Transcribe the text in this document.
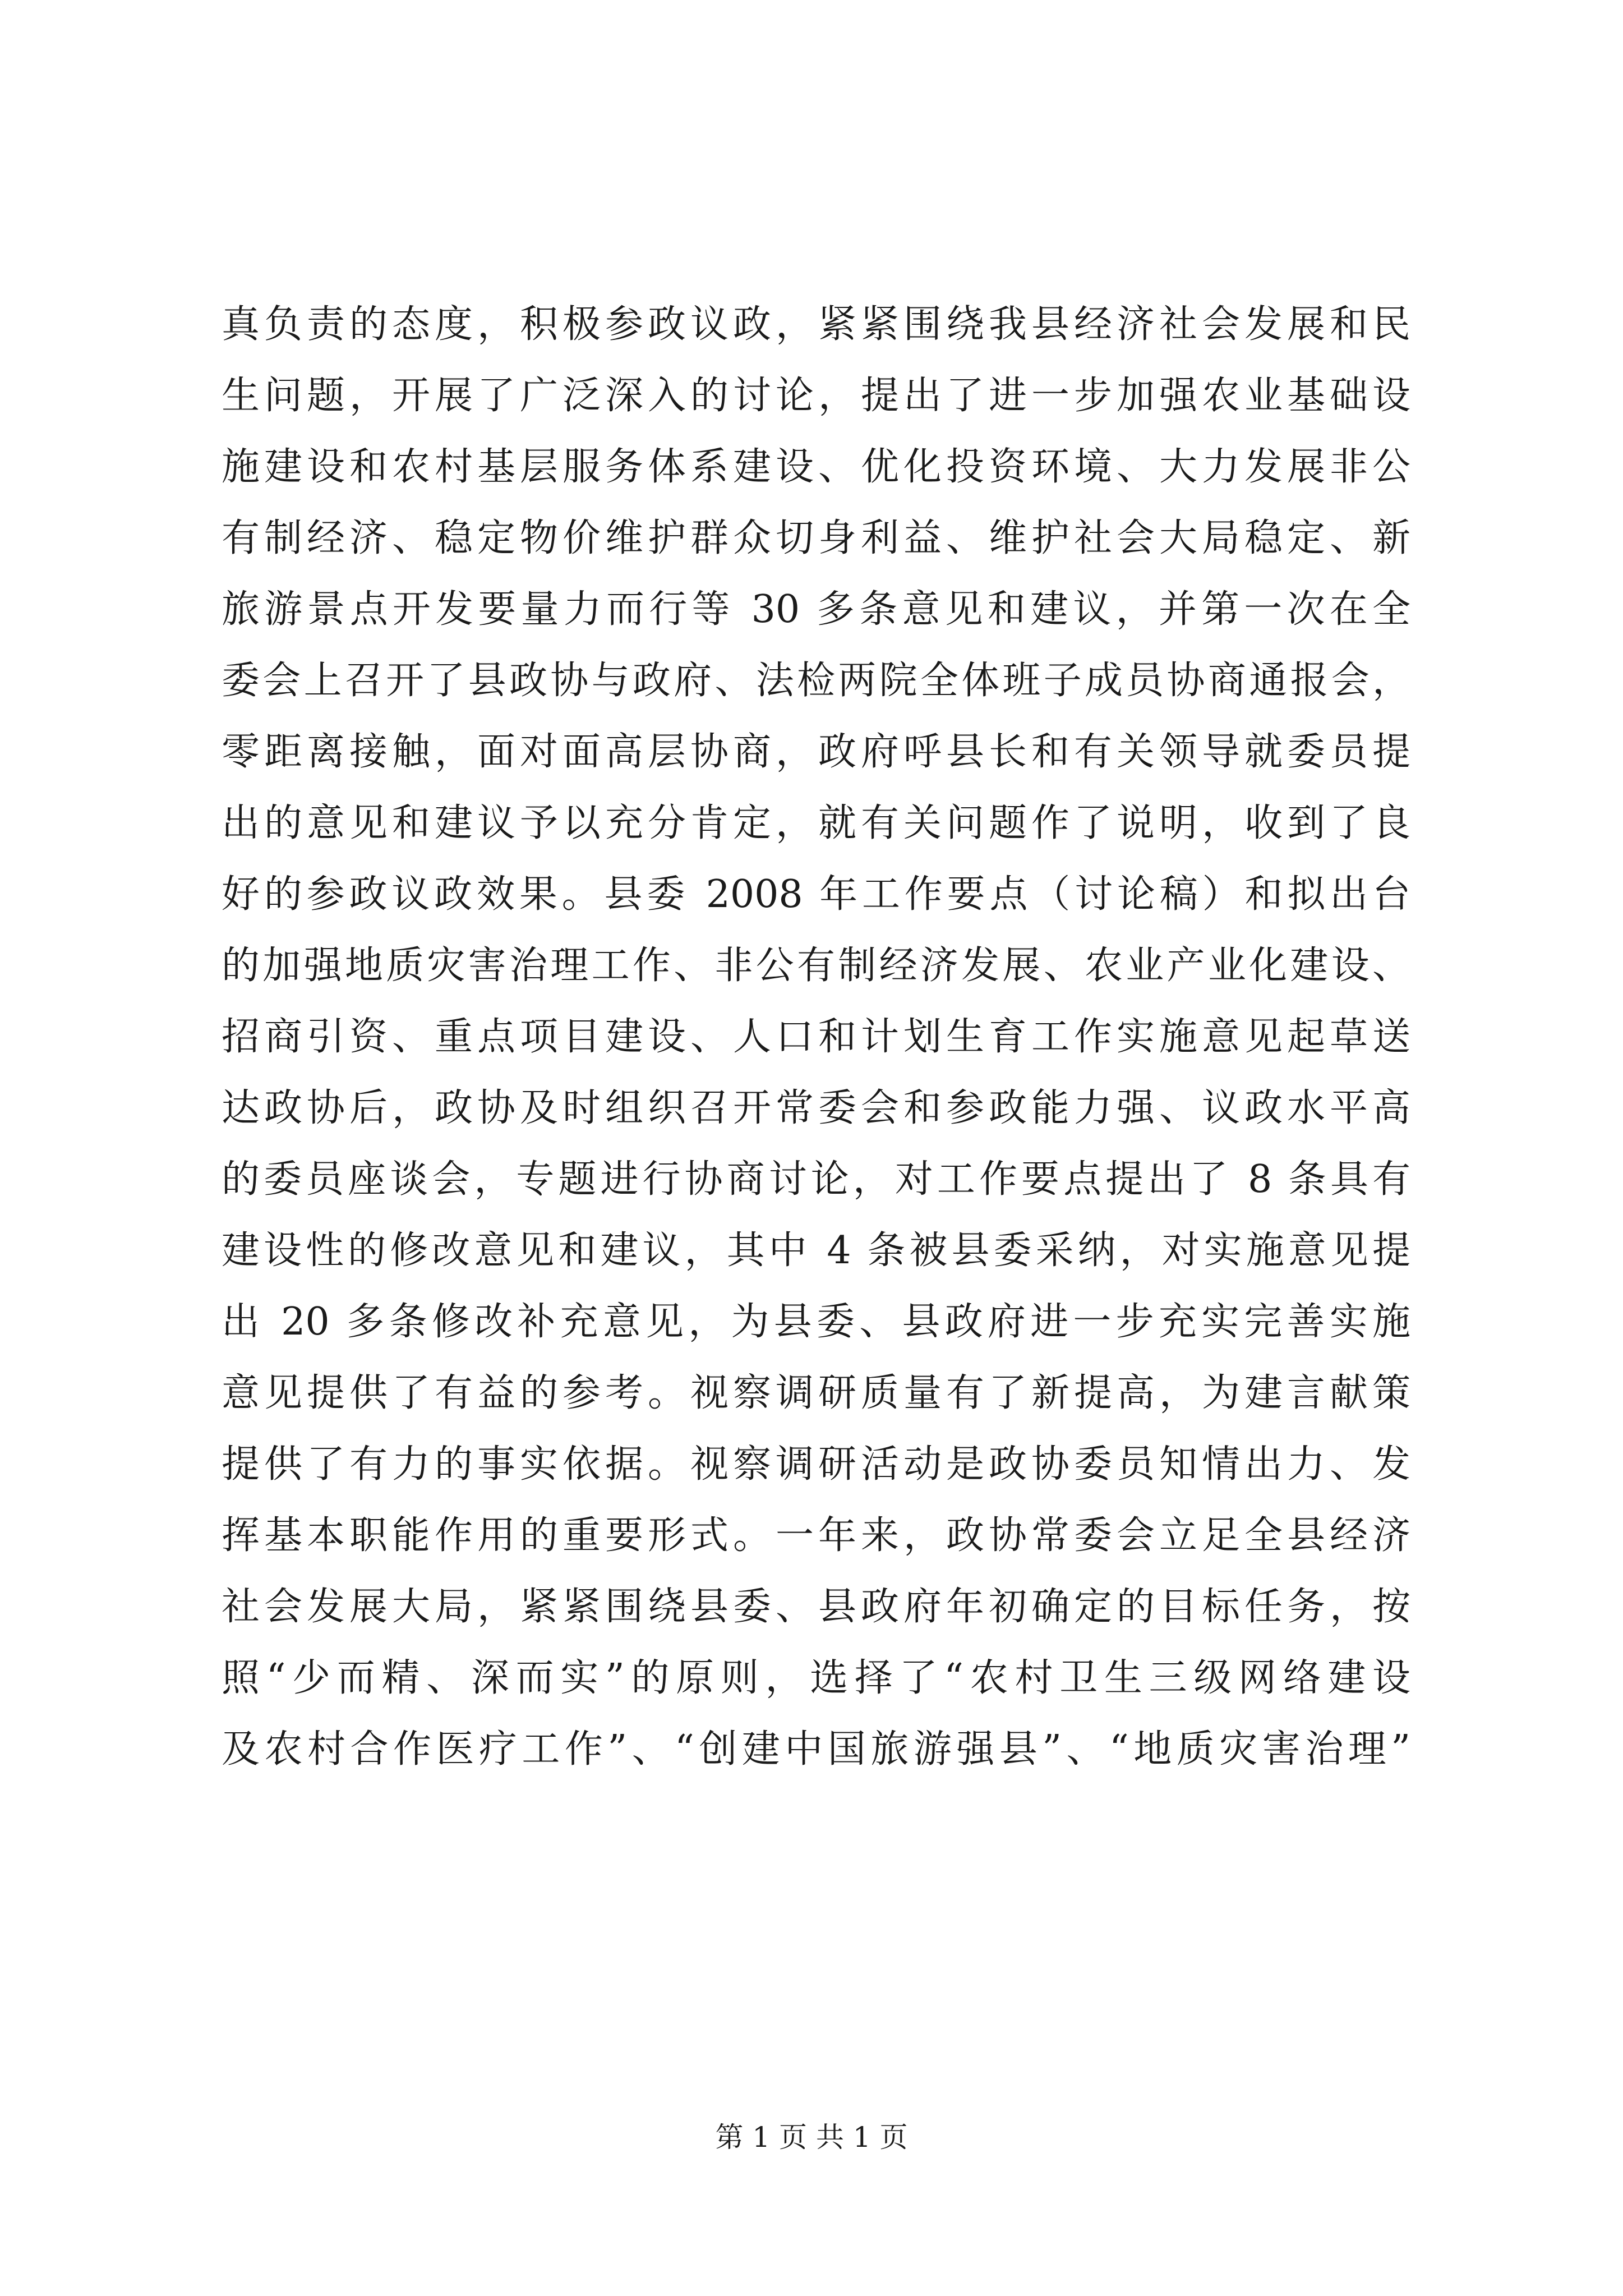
真负责的态度，积极参政议政，紧紧围绕我县经济社会发展和民
生问题，开展了广泛深入的讨论，提出了进一步加强农业基础设
施建设和农村基层服务体系建设、优化投资环境、大力发展非公
有制经济、稳定物价维护群众切身利益、维护社会大局稳定、新
旅游景点开发要量力而行等 30 多条意见和建议，并第一次在全
委会上召开了县政协与政府、法检两院全体班子成员协商通报会，
零距离接触，面对面高层协商，政府呼县长和有关领导就委员提
出的意见和建议予以充分肯定，就有关问题作了说明，收到了良
好的参政议政效果。县委 2008 年工作要点（讨论稿）和拟出台
的加强地质灾害治理工作、非公有制经济发展、农业产业化建设、
招商引资、重点项目建设、人口和计划生育工作实施意见起草送
达政协后，政协及时组织召开常委会和参政能力强、议政水平高
的委员座谈会，专题进行协商讨论，对工作要点提出了 8 条具有
建设性的修改意见和建议，其中 4 条被县委采纳，对实施意见提
出 20 多条修改补充意见，为县委、县政府进一步充实完善实施
意见提供了有益的参考。视察调研质量有了新提高，为建言献策
提供了有力的事实依据。视察调研活动是政协委员知情出力、发
挥基本职能作用的重要形式。一年来，政协常委会立足全县经济
社会发展大局，紧紧围绕县委、县政府年初确定的目标任务，按
照“少而精、深而实”的原则，选择了“农村卫生三级网络建设
及农村合作医疗工作”、“创建中国旅游强县”、“地质灾害治理”
第 1 页 共 1 页
